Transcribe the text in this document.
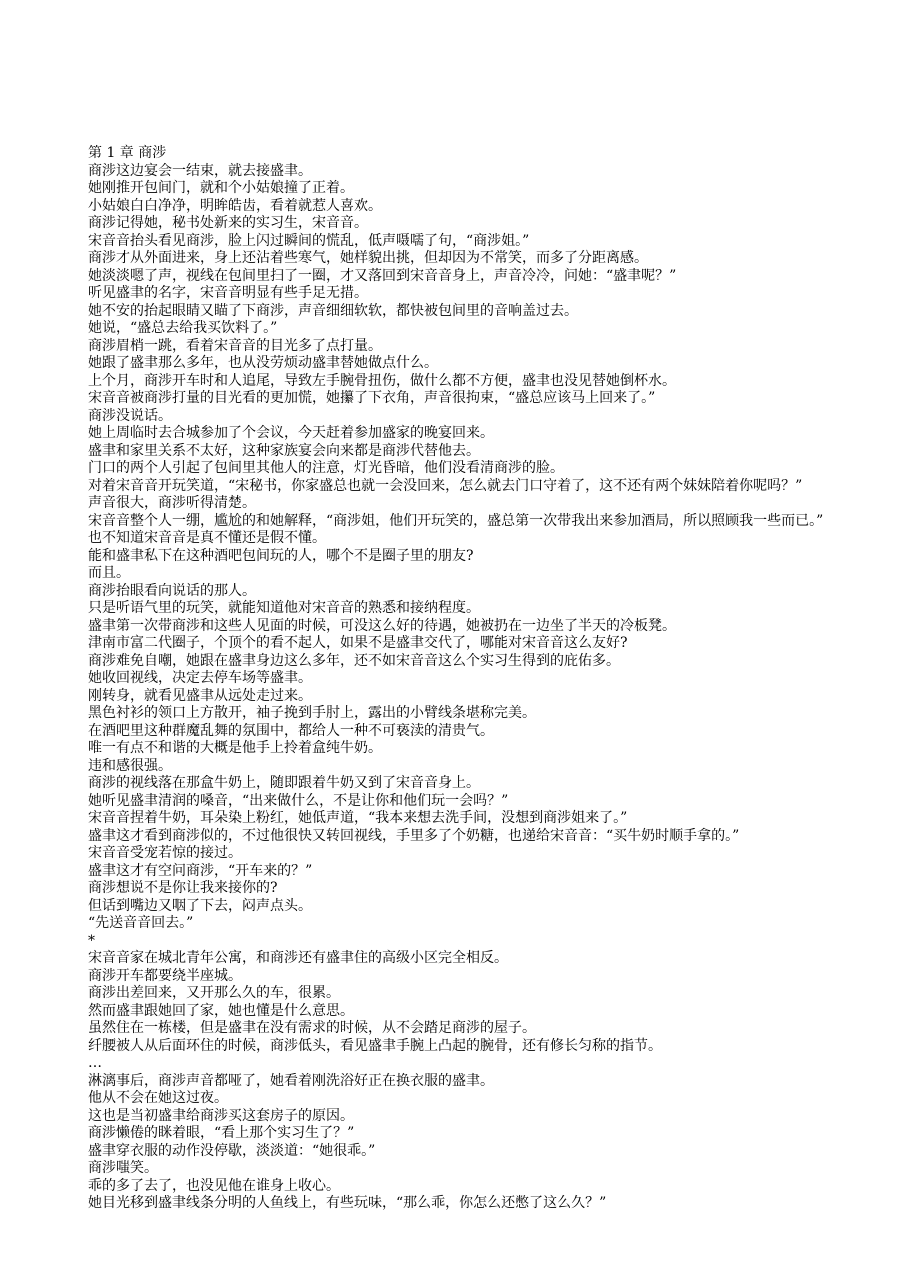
第 1 章 商涉

商涉这边宴会一结束，就去接盛聿。

她刚推开包间门，就和个小姑娘撞了正着。

小姑娘白白净净，明眸皓齿，看着就惹人喜欢。

商涉记得她，秘书处新来的实习生，宋音音。

宋音音抬头看见商涉，脸上闪过瞬间的慌乱，低声嗫嚅了句，“商涉姐。”

商涉才从外面进来，身上还沾着些寒气，她样貌出挑，但却因为不常笑，而多了分距离感。

她淡淡嗯了声，视线在包间里扫了一圈，才又落回到宋音音身上，声音冷冷，问她：“盛聿呢？”

听见盛聿的名字，宋音音明显有些手足无措。

她不安的抬起眼睛又瞄了下商涉，声音细细软软，都快被包间里的音响盖过去。

她说，“盛总去给我买饮料了。”

商涉眉梢一跳，看着宋音音的目光多了点打量。

她跟了盛聿那么多年，也从没劳烦动盛聿替她做点什么。

上个月，商涉开车时和人追尾，导致左手腕骨扭伤，做什么都不方便，盛聿也没见替她倒杯水。

宋音音被商涉打量的目光看的更加慌，她攥了下衣角，声音很拘束，“盛总应该马上回来了。”

商涉没说话。

她上周临时去合城参加了个会议，今天赶着参加盛家的晚宴回来。

盛聿和家里关系不太好，这种家族宴会向来都是商涉代替他去。

门口的两个人引起了包间里其他人的注意，灯光昏暗，他们没看清商涉的脸。

对着宋音音开玩笑道，“宋秘书，你家盛总也就一会没回来，怎么就去门口守着了，这不还有两个妹妹陪着你呢吗？”

声音很大，商涉听得清楚。

宋音音整个人一绷，尴尬的和她解释，“商涉姐，他们开玩笑的，盛总第一次带我出来参加酒局，所以照顾我一些而已。”

也不知道宋音音是真不懂还是假不懂。

能和盛聿私下在这种酒吧包间玩的人，哪个不是圈子里的朋友?

而且。

商涉抬眼看向说话的那人。

只是听语气里的玩笑，就能知道他对宋音音的熟悉和接纳程度。

盛聿第一次带商涉和这些人见面的时候，可没这么好的待遇，她被扔在一边坐了半天的冷板凳。

津南市富二代圈子，个顶个的看不起人，如果不是盛聿交代了，哪能对宋音音这么友好?

商涉难免自嘲，她跟在盛聿身边这么多年，还不如宋音音这么个实习生得到的庇佑多。

她收回视线，决定去停车场等盛聿。

刚转身，就看见盛聿从远处走过来。

黑色衬衫的领口上方散开，袖子挽到手肘上，露出的小臂线条堪称完美。

在酒吧里这种群魔乱舞的氛围中，都给人一种不可亵渎的清贵气。

唯一有点不和谐的大概是他手上拎着盒纯牛奶。

违和感很强。

商涉的视线落在那盒牛奶上，随即跟着牛奶又到了宋音音身上。

她听见盛聿清润的嗓音，“出来做什么，不是让你和他们玩一会吗？”

宋音音捏着牛奶，耳朵染上粉红，她低声道，“我本来想去洗手间，没想到商涉姐来了。”

盛聿这才看到商涉似的，不过他很快又转回视线，手里多了个奶糖，也递给宋音音：“买牛奶时顺手拿的。”

宋音音受宠若惊的接过。

盛聿这才有空问商涉，“开车来的？”

商涉想说不是你让我来接你的?

但话到嘴边又咽了下去，闷声点头。

“先送音音回去。”

*

宋音音家在城北青年公寓，和商涉还有盛聿住的高级小区完全相反。

商涉开车都要绕半座城。

商涉出差回来，又开那么久的车，很累。

然而盛聿跟她回了家，她也懂是什么意思。

虽然住在一栋楼，但是盛聿在没有需求的时候，从不会踏足商涉的屋子。

纤腰被人从后面环住的时候，商涉低头，看见盛聿手腕上凸起的腕骨，还有修长匀称的指节。

…

淋漓事后，商涉声音都哑了，她看着刚洗浴好正在换衣服的盛聿。

他从不会在她这过夜。

这也是当初盛聿给商涉买这套房子的原因。

商涉懒倦的眯着眼，“看上那个实习生了？”

盛聿穿衣服的动作没停歇，淡淡道：“她很乖。”

商涉嗤笑。

乖的多了去了，也没见他在谁身上收心。

她目光移到盛聿线条分明的人鱼线上，有些玩味，“那么乖，你怎么还憋了这么久？”
